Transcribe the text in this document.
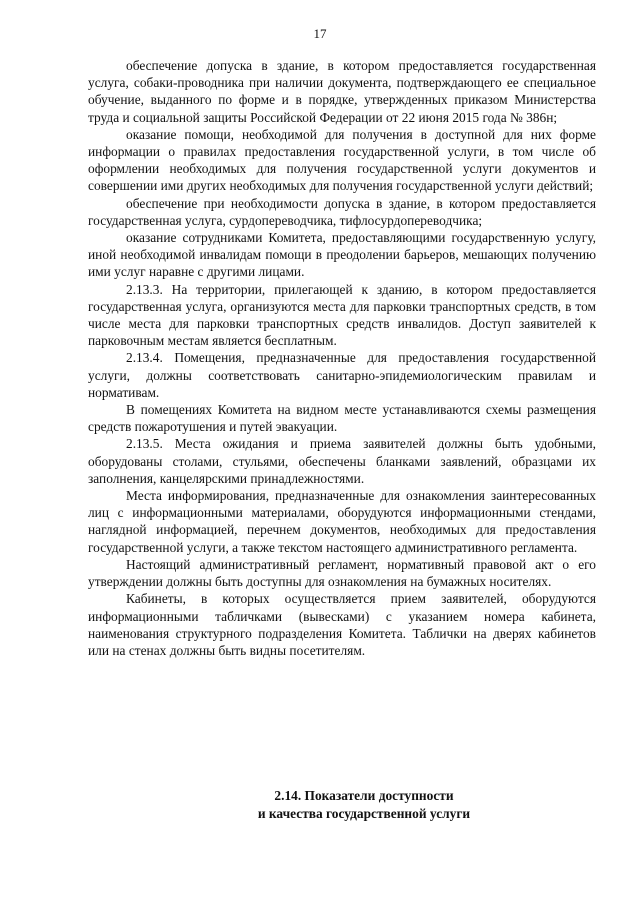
17

обеспечение допуска в здание, в котором предоставляется государственная услуга, собаки-проводника при наличии документа, подтверждающего ее специальное обучение, выданного по форме и в порядке, утвержденных приказом Министерства труда и социальной защиты Российской Федерации от 22 июня 2015 года № 386н;

оказание помощи, необходимой для получения в доступной для них форме информации о правилах предоставления государственной услуги, в том числе об оформлении необходимых для получения государственной услуги документов и совершении ими других необходимых для получения государственной услуги действий;

обеспечение при необходимости допуска в здание, в котором предоставляется государственная услуга, сурдопереводчика, тифлосурдопереводчика;

оказание сотрудниками Комитета, предоставляющими государственную услугу, иной необходимой инвалидам помощи в преодолении барьеров, мешающих получению ими услуг наравне с другими лицами.

2.13.3. На территории, прилегающей к зданию, в котором предоставляется государственная услуга, организуются места для парковки транспортных средств, в том числе места для парковки транспортных средств инвалидов. Доступ заявителей к парковочным местам является бесплатным.

2.13.4. Помещения, предназначенные для предоставления государственной услуги, должны соответствовать санитарно-эпидемиологическим правилам и нормативам.

В помещениях Комитета на видном месте устанавливаются схемы размещения средств пожаротушения и путей эвакуации.

2.13.5. Места ожидания и приема заявителей должны быть удобными, оборудованы столами, стульями, обеспечены бланками заявлений, образцами их заполнения, канцелярскими принадлежностями.

Места информирования, предназначенные для ознакомления заинтересованных лиц с информационными материалами, оборудуются информационными стендами, наглядной информацией, перечнем документов, необходимых для предоставления государственной услуги, а также текстом настоящего административного регламента.

Настоящий административный регламент, нормативный правовой акт о его утверждении должны быть доступны для ознакомления на бумажных носителях.

Кабинеты, в которых осуществляется прием заявителей, оборудуются информационными табличками (вывесками) с указанием номера кабинета, наименования структурного подразделения Комитета. Таблички на дверях кабинетов или на стенах должны быть видны посетителям.

2.14. Показатели доступности
и качества государственной услуги
